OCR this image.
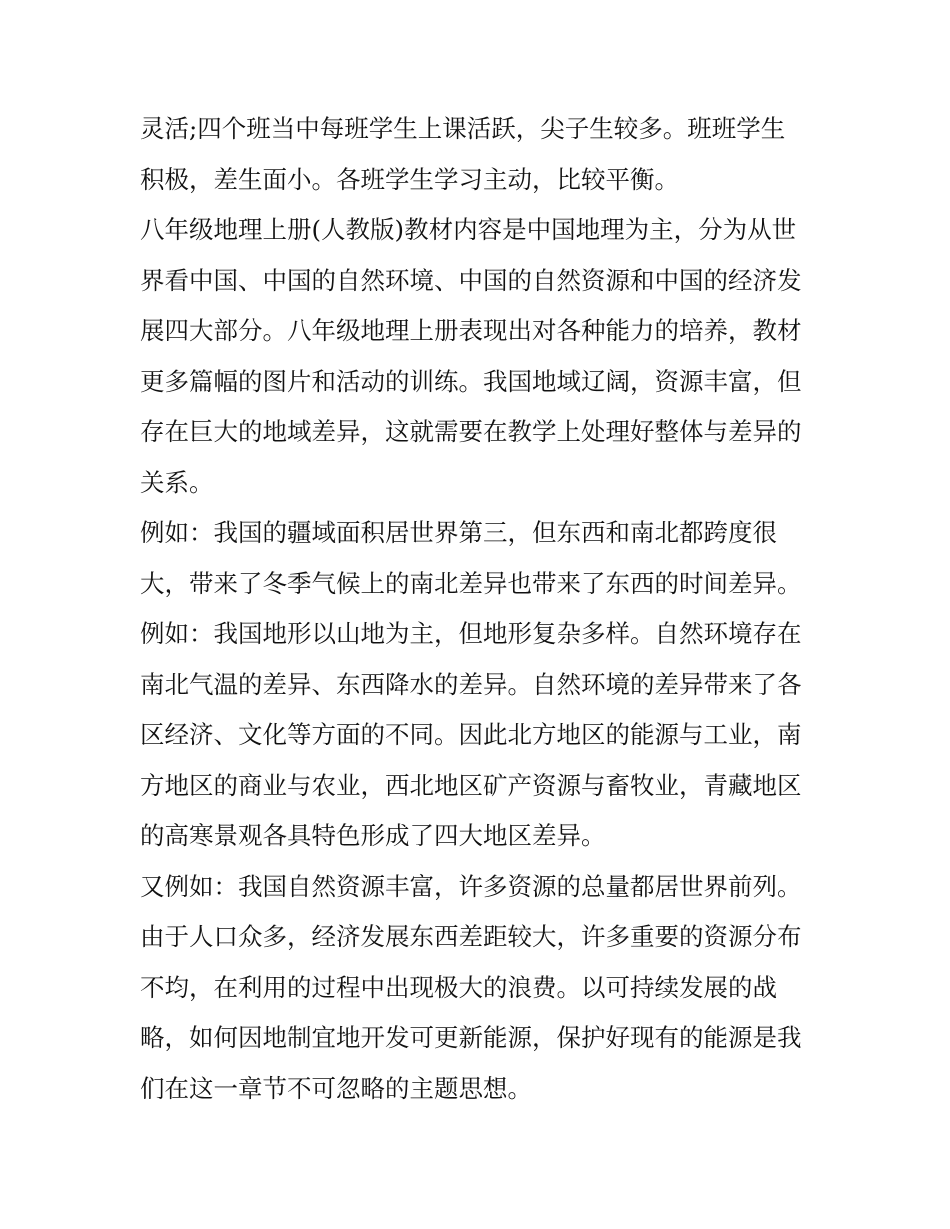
灵活;四个班当中每班学生上课活跃，尖子生较多。班班学生
积极，差生面小。各班学生学习主动，比较平衡。
八年级地理上册(人教版)教材内容是中国地理为主，分为从世
界看中国、中国的自然环境、中国的自然资源和中国的经济发
展四大部分。八年级地理上册表现出对各种能力的培养，教材
更多篇幅的图片和活动的训练。我国地域辽阔，资源丰富，但
存在巨大的地域差异，这就需要在教学上处理好整体与差异的
关系。
例如：我国的疆域面积居世界第三，但东西和南北都跨度很
大，带来了冬季气候上的南北差异也带来了东西的时间差异。
例如：我国地形以山地为主，但地形复杂多样。自然环境存在
南北气温的差异、东西降水的差异。自然环境的差异带来了各
区经济、文化等方面的不同。因此北方地区的能源与工业，南
方地区的商业与农业，西北地区矿产资源与畜牧业，青藏地区
的高寒景观各具特色形成了四大地区差异。
又例如：我国自然资源丰富，许多资源的总量都居世界前列。
由于人口众多，经济发展东西差距较大，许多重要的资源分布
不均，在利用的过程中出现极大的浪费。以可持续发展的战
略，如何因地制宜地开发可更新能源，保护好现有的能源是我
们在这一章节不可忽略的主题思想。
